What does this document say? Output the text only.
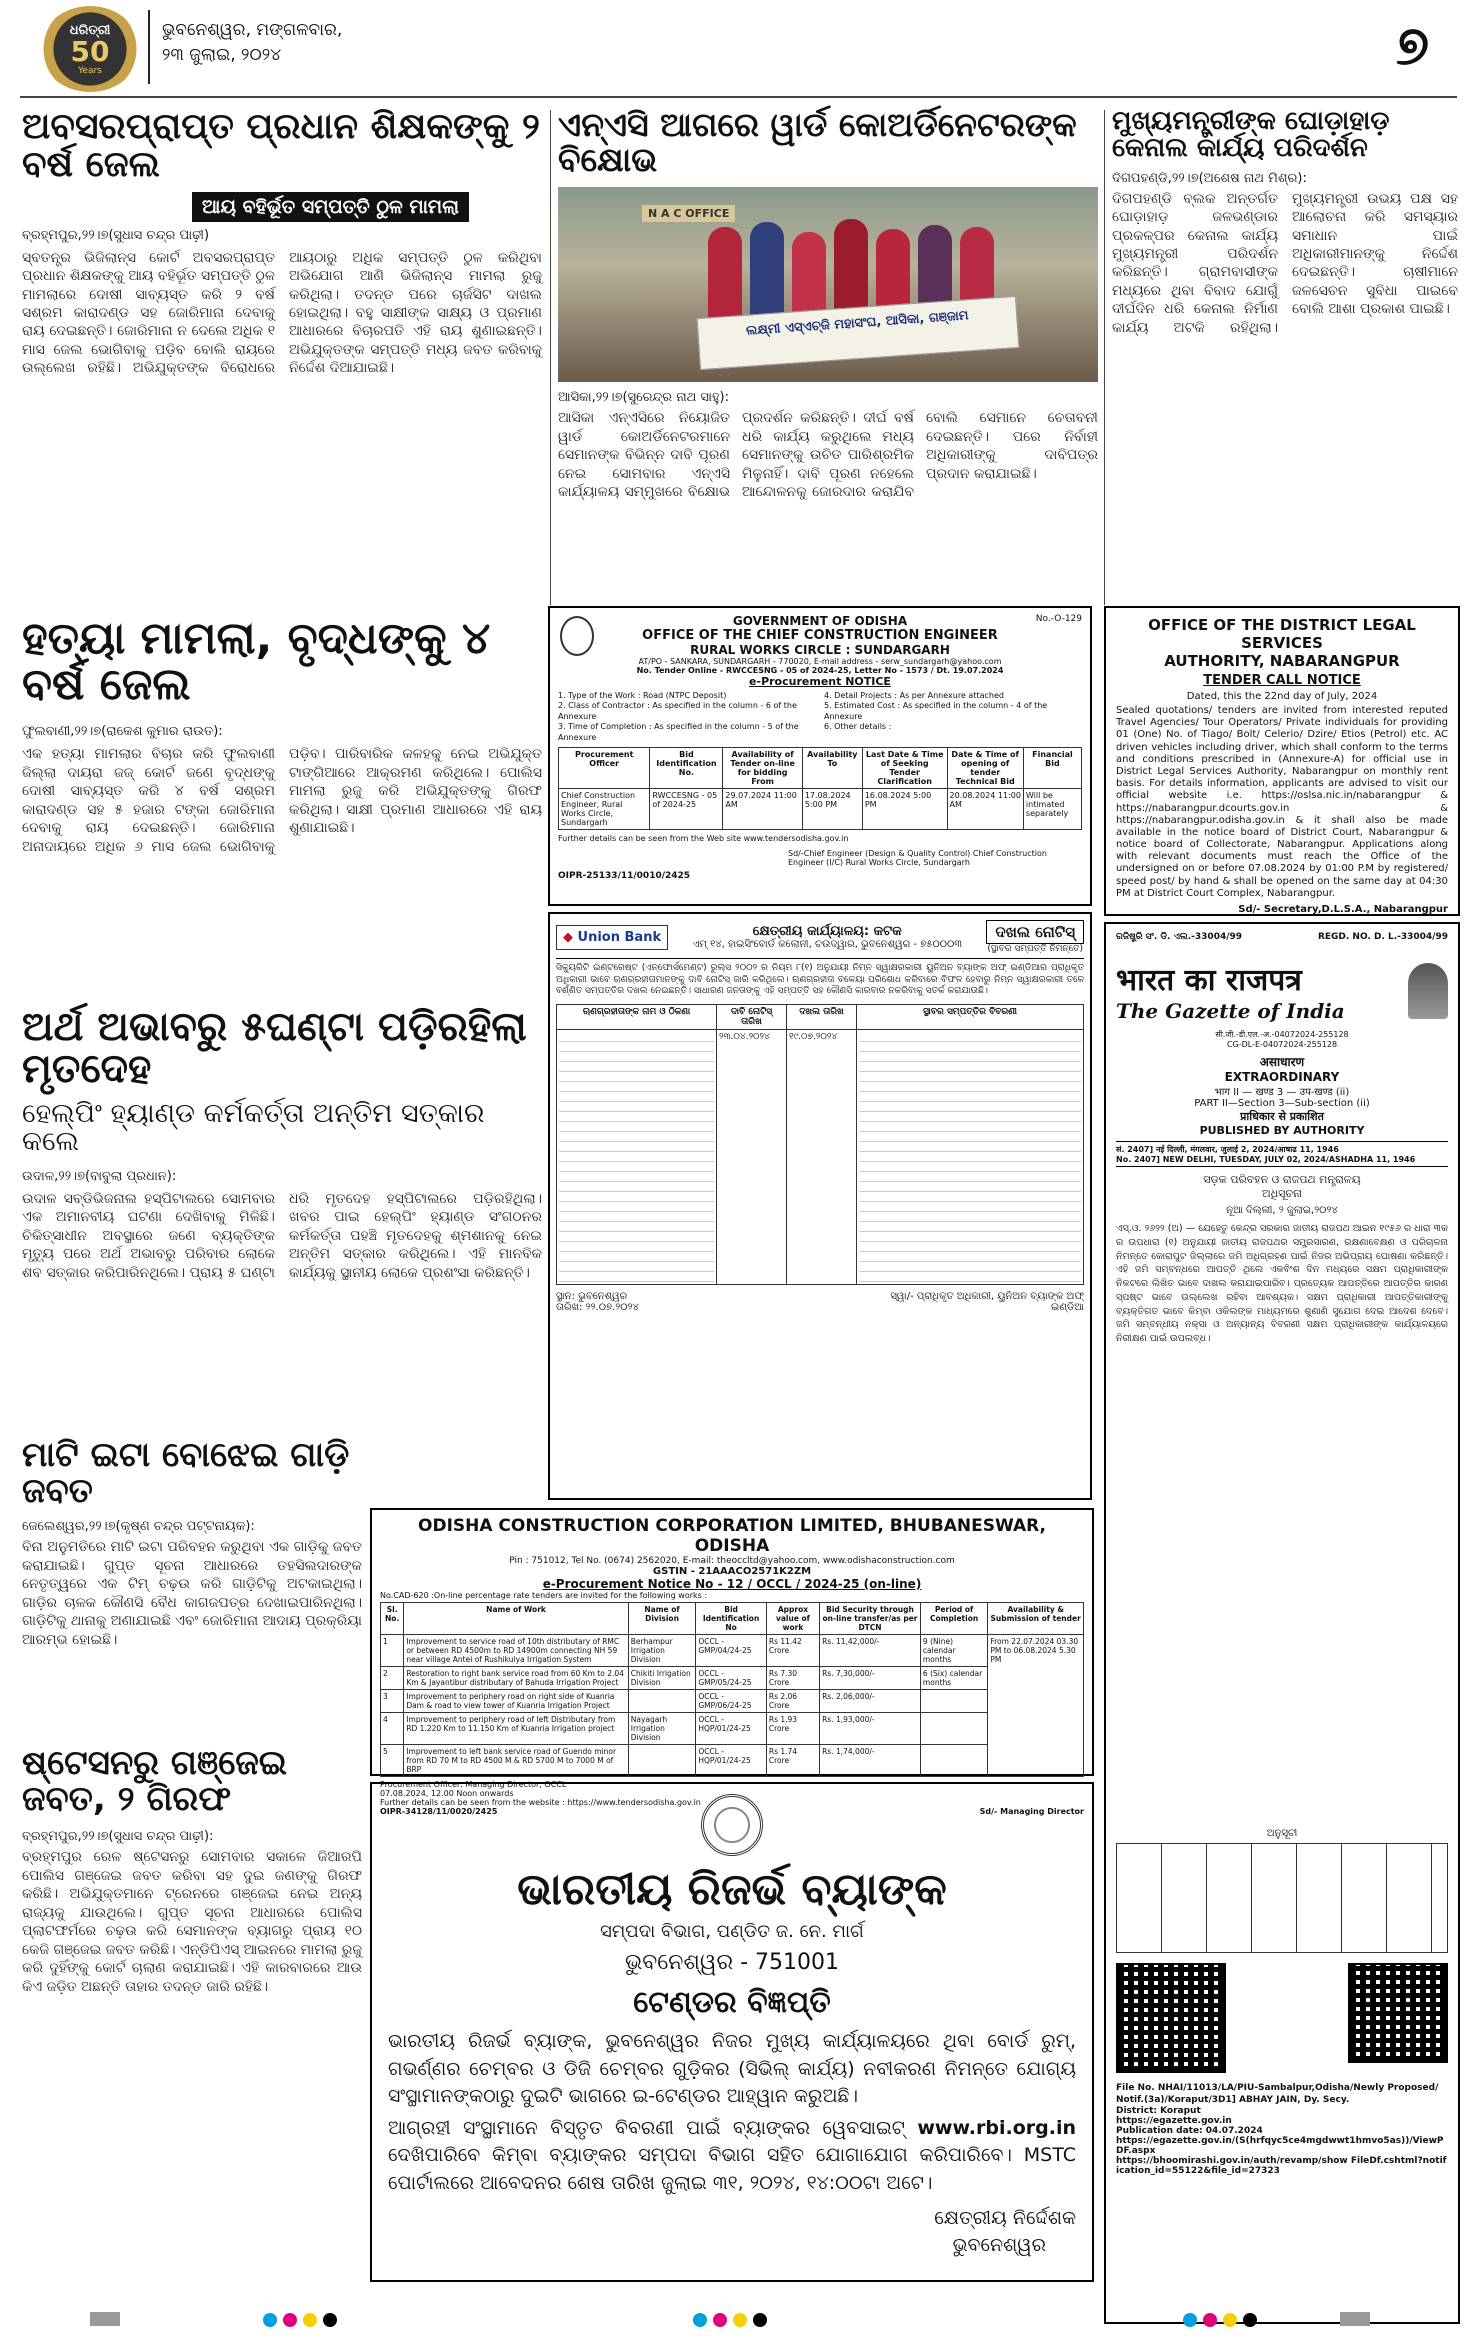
ଧରିତ୍ରୀ
50
Years
ଭୁବନେଶ୍ୱର, ମଙ୍ଗଳବାର,
୨୩ ଜୁଲାଇ, ୨୦୨୪	୭
ଅବସରପ୍ରାପ୍ତ ପ୍ରଧାନ ଶିକ୍ଷକଙ୍କୁ ୨ ବର୍ଷ ଜେଲ
ଆୟ ବହିର୍ଭୂତ ସମ୍ପତ୍ତି ଠୁଳ ମାମଲା
ବ୍ରହ୍ମପୁର,୨୨।୭(ସୁଧାସ ଚନ୍ଦ୍ର ପାଢ଼ୀ)
ସ୍ବତନ୍ତ୍ର ଭିଜିଲାନ୍ସ କୋର୍ଟ ଅବସରପ୍ରାପ୍ତ ପ୍ରଧାନ ଶିକ୍ଷକଙ୍କୁ ଆୟ ବହିର୍ଭୂତ ସମ୍ପତ୍ତି ଠୁଳ ମାମଲାରେ ଦୋଷୀ ସାବ୍ୟସ୍ତ କରି ୨ ବର୍ଷ ସଶ୍ରମ କାରାଦଣ୍ଡ ସହ ଜୋରିମାନା ଦେବାକୁ ରାୟ ଦେଇଛନ୍ତି। ଜୋରିମାନା ନ ଦେଲେ ଅଧିକ ୧ ମାସ ଜେଲ ଭୋଗିବାକୁ ପଡ଼ିବ ବୋଲି ରାୟରେ ଉଲ୍ଲେଖ ରହିଛି। ଅଭିଯୁକ୍ତଙ୍କ ବିରୋଧରେ ଆୟଠାରୁ ଅଧିକ ସମ୍ପତ୍ତି ଠୁଳ କରିଥିବା ଅଭିଯୋଗ ଆଣି ଭିଜିଲାନ୍ସ ମାମଲା ରୁଜୁ କରିଥିଲା। ତଦନ୍ତ ପରେ ଚାର୍ଜସିଟ ଦାଖଲ ହୋଇଥିଲା। ବହୁ ସାକ୍ଷୀଙ୍କ ସାକ୍ଷ୍ୟ ଓ ପ୍ରମାଣ ଆଧାରରେ ବିଚାରପତି ଏହି ରାୟ ଶୁଣାଇଛନ୍ତି। ଅଭିଯୁକ୍ତଙ୍କ ସମ୍ପତ୍ତି ମଧ୍ୟ ଜବତ କରିବାକୁ ନିର୍ଦ୍ଦେଶ ଦିଆଯାଇଛି।
ଏନ୍ଏସି ଆଗରେ ୱାର୍ଡ କୋଅର୍ଡିନେଟରଙ୍କ ବିକ୍ଷୋଭ
N A C OFFICE
ଲକ୍ଷ୍ମୀ ଏସ୍ଏଚ୍ଜି ମହାସଂଘ, ଆସିକା, ଗଞ୍ଜାମ
ଆସିକା,୨୨।୭(ସୁରେନ୍ଦ୍ର ନାଥ ସାହୁ):
ଆସିକା ଏନ୍ଏସିରେ ନିୟୋଜିତ ୱାର୍ଡ କୋଅର୍ଡିନେଟରମାନେ ସେମାନଙ୍କ ବିଭିନ୍ନ ଦାବି ପୂରଣ ନେଇ ସୋମବାର ଏନ୍ଏସି କାର୍ଯ୍ୟାଳୟ ସମ୍ମୁଖରେ ବିକ୍ଷୋଭ ପ୍ରଦର୍ଶନ କରିଛନ୍ତି। ଦୀର୍ଘ ବର୍ଷ ଧରି କାର୍ଯ୍ୟ କରୁଥିଲେ ମଧ୍ୟ ସେମାନଙ୍କୁ ଉଚିତ ପାରିଶ୍ରମିକ ମିଳୁନାହିଁ। ଦାବି ପୂରଣ ନହେଲେ ଆନ୍ଦୋଳନକୁ ଜୋରଦାର କରାଯିବ ବୋଲି ସେମାନେ ଚେତାବନୀ ଦେଇଛନ୍ତି। ପରେ ନିର୍ବାହୀ ଅଧିକାରୀଙ୍କୁ ଦାବିପତ୍ର ପ୍ରଦାନ କରାଯାଇଛି।
ମୁଖ୍ୟମନ୍ତ୍ରୀଙ୍କ ଘୋଡ଼ାହାଡ଼ କେନାଲ କାର୍ଯ୍ୟ ପରିଦର୍ଶନ
ଦିଗପହଣ୍ଡି,୨୨।୭(ଅଶେଷ ନାଥ ମିଶ୍ର):
ଦିଗପହଣ୍ଡି ବ୍ଲକ ଅନ୍ତର୍ଗତ ଘୋଡ଼ାହାଡ଼ ଜଳଭଣ୍ଡାର ପ୍ରକଳ୍ପର କେନାଲ କାର୍ଯ୍ୟ ମୁଖ୍ୟମନ୍ତ୍ରୀ ପରିଦର୍ଶନ କରିଛନ୍ତି। ଗ୍ରାମବାସୀଙ୍କ ମଧ୍ୟରେ ଥିବା ବିବାଦ ଯୋଗୁଁ ଦୀର୍ଘଦିନ ଧରି କେନାଲ ନିର୍ମାଣ କାର୍ଯ୍ୟ ଅଟକି ରହିଥିଲା। ମୁଖ୍ୟମନ୍ତ୍ରୀ ଉଭୟ ପକ୍ଷ ସହ ଆଲୋଚନା କରି ସମସ୍ୟାର ସମାଧାନ ପାଇଁ ଅଧିକାରୀମାନଙ୍କୁ ନିର୍ଦ୍ଦେଶ ଦେଇଛନ୍ତି। ଚାଷୀମାନେ ଜଳସେଚନ ସୁବିଧା ପାଇବେ ବୋଲି ଆଶା ପ୍ରକାଶ ପାଇଛି।
ହତ୍ୟା ମାମଲା, ବୃଦ୍ଧଙ୍କୁ ୪ ବର୍ଷ ଜେଲ
ଫୁଲବାଣୀ,୨୨।୭(ରାକେଶ କୁମାର ରାଉତ):
ଏକ ହତ୍ୟା ମାମଲାର ବିଚାର କରି ଫୁଲବାଣୀ ଜିଲ୍ଲା ଦାୟରା ଜଜ୍ କୋର୍ଟ ଜଣେ ବୃଦ୍ଧଙ୍କୁ ଦୋଷୀ ସାବ୍ୟସ୍ତ କରି ୪ ବର୍ଷ ସଶ୍ରମ କାରାଦଣ୍ଡ ସହ ୫ ହଜାର ଟଙ୍କା ଜୋରିମାନା ଦେବାକୁ ରାୟ ଦେଇଛନ୍ତି। ଜୋରିମାନା ଅନାଦାୟରେ ଅଧିକ ୬ ମାସ ଜେଲ ଭୋଗିବାକୁ ପଡ଼ିବ। ପାରିବାରିକ କଳହକୁ ନେଇ ଅଭିଯୁକ୍ତ ଟାଙ୍ଗିଆରେ ଆକ୍ରମଣ କରିଥିଲେ। ପୋଲିସ ମାମଲା ରୁଜୁ କରି ଅଭିଯୁକ୍ତଙ୍କୁ ଗିରଫ କରିଥିଲା। ସାକ୍ଷୀ ପ୍ରମାଣ ଆଧାରରେ ଏହି ରାୟ ଶୁଣାଯାଇଛି।
No.-O-129
GOVERNMENT OF ODISHA
OFFICE OF THE CHIEF CONSTRUCTION ENGINEER
RURAL WORKS CIRCLE : SUNDARGARH
AT/PO - SANKARA, SUNDARGARH - 770020, E-mail address - serw_sundargarh@yahoo.com
No. Tender Online - RWCCESNG - 05 of 2024-25, Letter No - 1573 / Dt. 19.07.2024
e-Procurement NOTICE
1. Type of the Work : Road (NTPC Deposit)
2. Class of Contractor : As specified in the column - 6 of the Annexure
3. Time of Completion : As specified in the column - 5 of the Annexure
4. Detail Projects : As per Annexure attached
5. Estimated Cost : As specified in the column - 4 of the Annexure
6. Other details :
Procurement Officer	Bid Identification No.	Availability of Tender on-line for bidding From	Availability To	Last Date & Time of Seeking Tender Clarification	Date & Time of opening of tender Technical Bid	Financial Bid
Chief Construction Engineer, Rural Works Circle, Sundargarh	RWCCESNG - 05 of 2024-25	29.07.2024 11:00 AM	17.08.2024 5:00 PM	16.08.2024 5:00 PM	20.08.2024 11:00 AM	Will be intimated separately
Further details can be seen from the Web site www.tendersodisha.gov.in
Sd/-Chief Engineer (Design & Quality Control) Chief Construction Engineer (I/C) Rural Works Circle, Sundargarh
OIPR-25133/11/0010/2425
OFFICE OF THE DISTRICT LEGAL SERVICES
AUTHORITY, NABARANGPUR
TENDER CALL NOTICE
Dated, this the 22nd day of July, 2024
Sealed quotations/ tenders are invited from interested reputed Travel Agencies/ Tour Operators/ Private individuals for providing 01 (One) No. of Tiago/ Bolt/ Celerio/ Dzire/ Etios (Petrol) etc. AC driven vehicles including driver, which shall conform to the terms and conditions prescribed in (Annexure-A) for official use in District Legal Services Authority, Nabarangpur on monthly rent basis. For details information, applicants are advised to visit our official website i.e. https://oslsa.nic.in/nabarangpur & https://nabarangpur.dcourts.gov.in & https://nabarangpur.odisha.gov.in & it shall also be made available in the notice board of District Court, Nabarangpur & notice board of Collectorate, Nabarangpur. Applications along with relevant documents must reach the Office of the undersigned on or before 07.08.2024 by 01:00 P.M by registered/ speed post/ by hand & shall be opened on the same day at 04:30 PM at District Court Complex, Nabarangpur.
Sd/- Secretary,D.L.S.A., Nabarangpur
◆ Union Bank	କ୍ଷେତ୍ରୀୟ କାର୍ଯ୍ୟାଳୟ: କଟକ
ଏମ୍ ୧୪, ହାଇସିଂବୋର୍ଡ କଲୋନୀ, ଚଉଦ୍ୱାର, ଭୁବନେଶ୍ୱର - ୭୫୦୦୦୩
ଦଖଲ ନୋଟିସ୍
(ସ୍ଥାବର ସମ୍ପତ୍ତି ନିମନ୍ତେ)
ସିକ୍ୟୁରିଟି ଇଣ୍ଟରେଷ୍ଟ (ଏନ୍ଫୋର୍ସମେଣ୍ଟ) ରୁଲ୍ସ ୨୦୦୨ ର ନିୟମ ୮(୧) ଅନୁଯାୟୀ ନିମ୍ନ ସ୍ୱାକ୍ଷରକାରୀ ୟୁନିଅନ ବ୍ୟାଙ୍କ ଅଫ୍ ଇଣ୍ଡିଆର ପ୍ରାଧିକୃତ ଅଧିକାରୀ ଭାବେ ଋଣଗ୍ରହୀତାମାନଙ୍କୁ ଦାବି ନୋଟିସ୍ ଜାରି କରିଥିଲେ। ଋଣଗ୍ରହୀତା ବକେୟା ପରିଶୋଧ କରିବାରେ ବିଫଳ ହେବାରୁ ନିମ୍ନ ସ୍ୱାକ୍ଷରକାରୀ ତଳେ ବର୍ଣ୍ଣିତ ସମ୍ପତ୍ତିର ଦଖଲ ନେଇଛନ୍ତି। ସାଧାରଣ ଜନତାଙ୍କୁ ଏହି ସମ୍ପତ୍ତି ସହ କୌଣସି କାରବାର ନକରିବାକୁ ସତର୍କ କରାଯାଉଛି।
ଋଣଗ୍ରହୀତାଙ୍କ ନାମ ଓ ଠିକଣା	ଦାବି ନୋଟିସ୍ ତାରିଖ	ଦଖଲ ତାରିଖ	ସ୍ଥାବର ସମ୍ପତ୍ତିର ବିବରଣୀ

	୨୩.୦୪.୨୦୨୪	୧୯.୦୭.୨୦୨୪	
ସ୍ଥାନ: ଭୁବନେଶ୍ୱର
ତାରିଖ: ୨୨.୦୭.୨୦୨୪
ସ୍ୱା/- ପ୍ରାଧିକୃତ ଅଧିକାରୀ, ୟୁନିଅନ ବ୍ୟାଙ୍କ ଅଫ୍ ଇଣ୍ଡିଆ
ଅର୍ଥ ଅଭାବରୁ ୫ଘଣ୍ଟା ପଡ଼ିରହିଲା ମୃତଦେହ
ହେଲ୍ପିଂ ହ୍ୟାଣ୍ଡ କର୍ମକର୍ତ୍ତା ଅନ୍ତିମ ସତ୍କାର କଲେ
ଉଦାଳ,୨୨।୭(ବାବୁଲା ପ୍ରଧାନ):
ଉଦାଳ ସବ୍ଡିଭିଜନାଲ ହସ୍ପିଟାଲରେ ସୋମବାର ଏକ ଅମାନବୀୟ ଘଟଣା ଦେଖିବାକୁ ମିଳିଛି। ଚିକିତ୍ସାଧୀନ ଅବସ୍ଥାରେ ଜଣେ ବ୍ୟକ୍ତିଙ୍କ ମୃତ୍ୟୁ ପରେ ଅର୍ଥ ଅଭାବରୁ ପରିବାର ଲୋକେ ଶବ ସତ୍କାର କରିପାରିନଥିଲେ। ପ୍ରାୟ ୫ ଘଣ୍ଟା ଧରି ମୃତଦେହ ହସ୍ପିଟାଲରେ ପଡ଼ିରହିଥିଲା। ଖବର ପାଇ ହେଲ୍ପିଂ ହ୍ୟାଣ୍ଡ ସଂଗଠନର କର୍ମକର୍ତ୍ତା ପହଞ୍ଚି ମୃତଦେହକୁ ଶ୍ମଶାନକୁ ନେଇ ଅନ୍ତିମ ସତ୍କାର କରିଥିଲେ। ଏହି ମାନବିକ କାର୍ଯ୍ୟକୁ ସ୍ଥାନୀୟ ଲୋକେ ପ୍ରଶଂସା କରିଛନ୍ତି।
ରଜିଷ୍ଟ୍ରି ସଂ. ଡି. ଏଲ.-33004/99	REGD. NO. D. L.-33004/99
भारत का राजपत्र
The Gazette of India
सी.जी.-डी.एल.-अ.-04072024-255128
CG-DL-E-04072024-255128
असाधारण
EXTRAORDINARY
भाग II — खण्ड 3 — उप-खण्ड (ii)
PART II—Section 3—Sub-section (ii)
प्राधिकार से प्रकाशित
PUBLISHED BY AUTHORITY
सं. 2407] नई दिल्ली, मंगलवार, जुलाई 2, 2024/आषाढ 11, 1946
No. 2407] NEW DELHI, TUESDAY, JULY 02, 2024/ASHADHA 11, 1946
ସଡ଼କ ପରିବହନ ଓ ରାଜପଥ ମନ୍ତ୍ରାଳୟ
ଅଧିସୂଚନା
ନୂଆ ଦିଲ୍ଲୀ, ୨ ଜୁଲାଇ,୨୦୨୪
ଏସ୍.ଓ. ୨୬୨୨ (ଅ) — ଯେହେତୁ କେନ୍ଦ୍ର ସରକାର ଜାତୀୟ ରାଜପଥ ଆଇନ ୧୯୫୬ ର ଧାରା ୩କ ର ଉପଧାରା (୧) ଅନୁଯାୟୀ ଜାତୀୟ ରାଜପଥର ସମ୍ପ୍ରସାରଣ, ରକ୍ଷଣାବେକ୍ଷଣ ଓ ପରିଚାଳନା ନିମନ୍ତେ କୋରାପୁଟ ଜିଲ୍ଲାରେ ଜମି ଅଧିଗ୍ରହଣ ପାଇଁ ନିଜର ଅଭିପ୍ରାୟ ଘୋଷଣା କରିଛନ୍ତି। ଏହି ଜମି ସମ୍ବନ୍ଧରେ ଆପତ୍ତି ଥିଲେ ଏକବିଂଶ ଦିନ ମଧ୍ୟରେ ସକ୍ଷମ ପ୍ରାଧିକାରୀଙ୍କ ନିକଟରେ ଲିଖିତ ଭାବେ ଦାଖଲ କରାଯାଇପାରିବ। ପ୍ରତ୍ୟେକ ଆପତ୍ତିରେ ଆପତ୍ତିର କାରଣ ସ୍ପଷ୍ଟ ଭାବେ ଉଲ୍ଲେଖ ରହିବା ଆବଶ୍ୟକ। ସକ୍ଷମ ପ୍ରାଧିକାରୀ ଆପତ୍ତିକାରୀଙ୍କୁ ବ୍ୟକ୍ତିଗତ ଭାବେ କିମ୍ବା ଓକିଲଙ୍କ ମାଧ୍ୟମରେ ଶୁଣାଣି ସୁଯୋଗ ଦେଇ ଆଦେଶ ଦେବେ। ଜମି ସମ୍ବନ୍ଧୀୟ ନକ୍ସା ଓ ଅନ୍ୟାନ୍ୟ ବିବରଣୀ ସକ୍ଷମ ପ୍ରାଧିକାରୀଙ୍କ କାର୍ଯ୍ୟାଳୟରେ ନିରୀକ୍ଷଣ ପାଇଁ ଉପଲବ୍ଧ।
ଅନୁସୂଚୀ
File No. NHAI/11013/LA/PIU-Sambalpur,Odisha/Newly Proposed/ Notif.(3a)/Koraput/3D1] ABHAY JAIN, Dy. Secy.
District: Koraput
https://egazette.gov.in
Publication date: 04.07.2024
https://egazette.gov.in/(S(hrfqyc5ce4mgdwwt1hmvo5as))/ViewPDF.aspx
https://bhoomirashi.gov.in/auth/revamp/show FileDf.cshtml?notification_id=55122&file_id=27323
ମାଟି ଇଟା ବୋଝେଇ ଗାଡ଼ି ଜବତ
ଜେଲେଶ୍ୱର,୨୨।୭(କୃଷ୍ଣ ଚନ୍ଦ୍ର ପଟ୍ଟନାୟକ):
ବିନା ଅନୁମତିରେ ମାଟି ଇଟା ପରିବହନ କରୁଥିବା ଏକ ଗାଡ଼ିକୁ ଜବତ କରାଯାଇଛି। ଗୁପ୍ତ ସୂଚନା ଆଧାରରେ ତହସିଲଦାରଙ୍କ ନେତୃତ୍ୱରେ ଏକ ଟିମ୍ ଚଢ଼ଉ କରି ଗାଡ଼ିଟିକୁ ଅଟକାଇଥିଲା। ଗାଡ଼ିର ଚାଳକ କୌଣସି ବୈଧ କାଗଜପତ୍ର ଦେଖାଇପାରିନଥିଲା। ଗାଡ଼ିଟିକୁ ଥାନାକୁ ଅଣାଯାଇଛି ଏବଂ ଜୋରିମାନା ଆଦାୟ ପ୍ରକ୍ରିୟା ଆରମ୍ଭ ହୋଇଛି।
ODISHA CONSTRUCTION CORPORATION LIMITED, BHUBANESWAR, ODISHA
Pin : 751012, Tel No. (0674) 2562020, E-mail: theoccltd@yahoo.com, www.odishaconstruction.com
GSTIN - 21AAACO2571K2ZM
e-Procurement Notice No - 12 / OCCL / 2024-25 (on-line)
No.CAD-620 :On-line percentage rate tenders are invited for the following works :
Sl. No.	Name of Work	Name of Division	Bid Identification No	Approx value of work	Bid Security through on-line transfer/as per DTCN	Period of Completion	Availability & Submission of tender
1	Improvement to service road of 10th distributary of RMC or between RD 4500m to RD 14900m connecting NH 59 near village Antei of Rushikulya Irrigation System	Berhampur Irrigation Division	OCCL - GMP/04/24-25	Rs 11.42 Crore	Rs. 11,42,000/-	9 (Nine) calendar months	From 22.07.2024 03.30 PM to 06.08.2024 5.30 PM
2	Restoration to right bank service road from 60 Km to 2.04 Km & Jayantibur distributary of Bahuda Irrigation Project	Chikiti Irrigation Division	OCCL - GMP/05/24-25	Rs 7.30 Crore	Rs. 7,30,000/-	6 (Six) calendar months	
3	Improvement to periphery road on right side of Kuanria Dam & road to view tower of Kuanria Irrigation Project		OCCL - GMP/06/24-25	Rs 2.06 Crore	Rs. 2,06,000/-		
4	Improvement to periphery road of left Distributary from RD 1.220 Km to 11.150 Km of Kuanria Irrigation project	Nayagarh Irrigation Division	OCCL - HQP/01/24-25	Rs 1.93 Crore	Rs. 1,93,000/-		
5	Improvement to left bank service road of Guendo minor from RD 70 M to RD 4500 M & RD 5700 M to 7000 M of BRP		OCCL - HQP/01/24-25	Rs 1.74 Crore	Rs. 1,74,000/-		
Procurement Officer: Managing Director, OCCL
07.08.2024, 12.00 Noon onwards
Further details can be seen from the website : https://www.tendersodisha.gov.in
OIPR-34128/11/0020/2425	Sd/- Managing Director
ଷ୍ଟେସନରୁ ଗଞ୍ଜେଇ ଜବତ, ୨ ଗିରଫ
ବ୍ରହ୍ମପୁର,୨୨।୭(ସୁଧାସ ଚନ୍ଦ୍ର ପାଢ଼ୀ):
ବ୍ରହ୍ମପୁର ରେଳ ଷ୍ଟେସନରୁ ସୋମବାର ସକାଳେ ଜିଆରପି ପୋଲିସ ଗଞ୍ଜେଇ ଜବତ କରିବା ସହ ଦୁଇ ଜଣଙ୍କୁ ଗିରଫ କରିଛି। ଅଭିଯୁକ୍ତମାନେ ଟ୍ରେନରେ ଗଞ୍ଜେଇ ନେଇ ଅନ୍ୟ ରାଜ୍ୟକୁ ଯାଉଥିଲେ। ଗୁପ୍ତ ସୂଚନା ଆଧାରରେ ପୋଲିସ ପ୍ଲାଟଫର୍ମରେ ଚଢ଼ଉ କରି ସେମାନଙ୍କ ବ୍ୟାଗରୁ ପ୍ରାୟ ୧୦ କେଜି ଗଞ୍ଜେଇ ଜବତ କରିଛି। ଏନ୍ଡିପିଏସ୍ ଆଇନରେ ମାମଲା ରୁଜୁ କରି ଦୁହିଁଙ୍କୁ କୋର୍ଟ ଚାଲାଣ କରାଯାଇଛି। ଏହି କାରବାରରେ ଆଉ କିଏ ଜଡ଼ିତ ଅଛନ୍ତି ତାହାର ତଦନ୍ତ ଜାରି ରହିଛି।
ଭାରତୀୟ ରିଜର୍ଭ ବ୍ୟାଙ୍କ
ସମ୍ପଦା ବିଭାଗ, ପଣ୍ଡିତ ଜ. ନେ. ମାର୍ଗ
ଭୁବନେଶ୍ୱର - 751001
ଟେଣ୍ଡର ବିଜ୍ଞପ୍ତି
ଭାରତୀୟ ରିଜର୍ଭ ବ୍ୟାଙ୍କ, ଭୁବନେଶ୍ୱର ନିଜର ମୁଖ୍ୟ କାର୍ଯ୍ୟାଳୟରେ ଥିବା ବୋର୍ଡ ରୁମ୍, ଗଭର୍ଣ୍ଣର ଚେମ୍ବର ଓ ଡିଜି ଚେମ୍ବର ଗୁଡ଼ିକର (ସିଭିଲ୍ କାର୍ଯ୍ୟ) ନବୀକରଣ ନିମନ୍ତେ ଯୋଗ୍ୟ ସଂସ୍ଥାମାନଙ୍କଠାରୁ ଦୁଇଟି ଭାଗରେ ଇ-ଟେଣ୍ଡର ଆହ୍ୱାନ କରୁଅଛି।
ଆଗ୍ରହୀ ସଂସ୍ଥାମାନେ ବିସ୍ତୃତ ବିବରଣୀ ପାଇଁ ବ୍ୟାଙ୍କର ୱେବସାଇଟ୍ www.rbi.org.in ଦେଖିପାରିବେ କିମ୍ବା ବ୍ୟାଙ୍କର ସମ୍ପଦା ବିଭାଗ ସହିତ ଯୋଗାଯୋଗ କରିପାରିବେ। MSTC ପୋର୍ଟାଲରେ ଆବେଦନର ଶେଷ ତାରିଖ ଜୁଲାଇ ୩୧, ୨୦୨୪, ୧୪:୦୦ଟା ଅଟେ।
କ୍ଷେତ୍ରୀୟ ନିର୍ଦ୍ଦେଶକ
ଭୁବନେଶ୍ୱର
